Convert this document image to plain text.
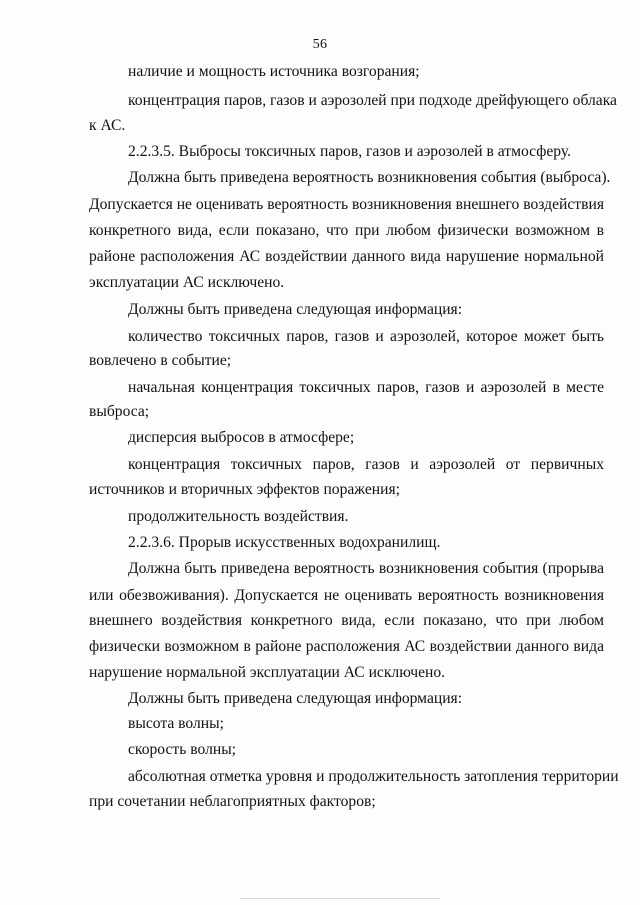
56
наличие и мощность источника возгорания;
концентрация паров, газов и аэрозолей при подходе дрейфующего облака
к АС.
2.2.3.5. Выбросы токсичных паров, газов и аэрозолей в атмосферу.
Должна быть приведена вероятность возникновения события (выброса).
Допускается не оценивать вероятность возникновения внешнего воздействия
конкретного вида, если показано, что при любом физически возможном в
районе расположения АС воздействии данного вида нарушение нормальной
эксплуатации АС исключено.
Должны быть приведена следующая информация:
количество токсичных паров, газов и аэрозолей, которое может быть
вовлечено в событие;
начальная концентрация токсичных паров, газов и аэрозолей в месте
выброса;
дисперсия выбросов в атмосфере;
концентрация токсичных паров, газов и аэрозолей от первичных
источников и вторичных эффектов поражения;
продолжительность воздействия.
2.2.3.6. Прорыв искусственных водохранилищ.
Должна быть приведена вероятность возникновения события (прорыва
или обезвоживания). Допускается не оценивать вероятность возникновения
внешнего воздействия конкретного вида, если показано, что при любом
физически возможном в районе расположения АС воздействии данного вида
нарушение нормальной эксплуатации АС исключено.
Должны быть приведена следующая информация:
высота волны;
скорость волны;
абсолютная отметка уровня и продолжительность затопления территории
при сочетании неблагоприятных факторов;
